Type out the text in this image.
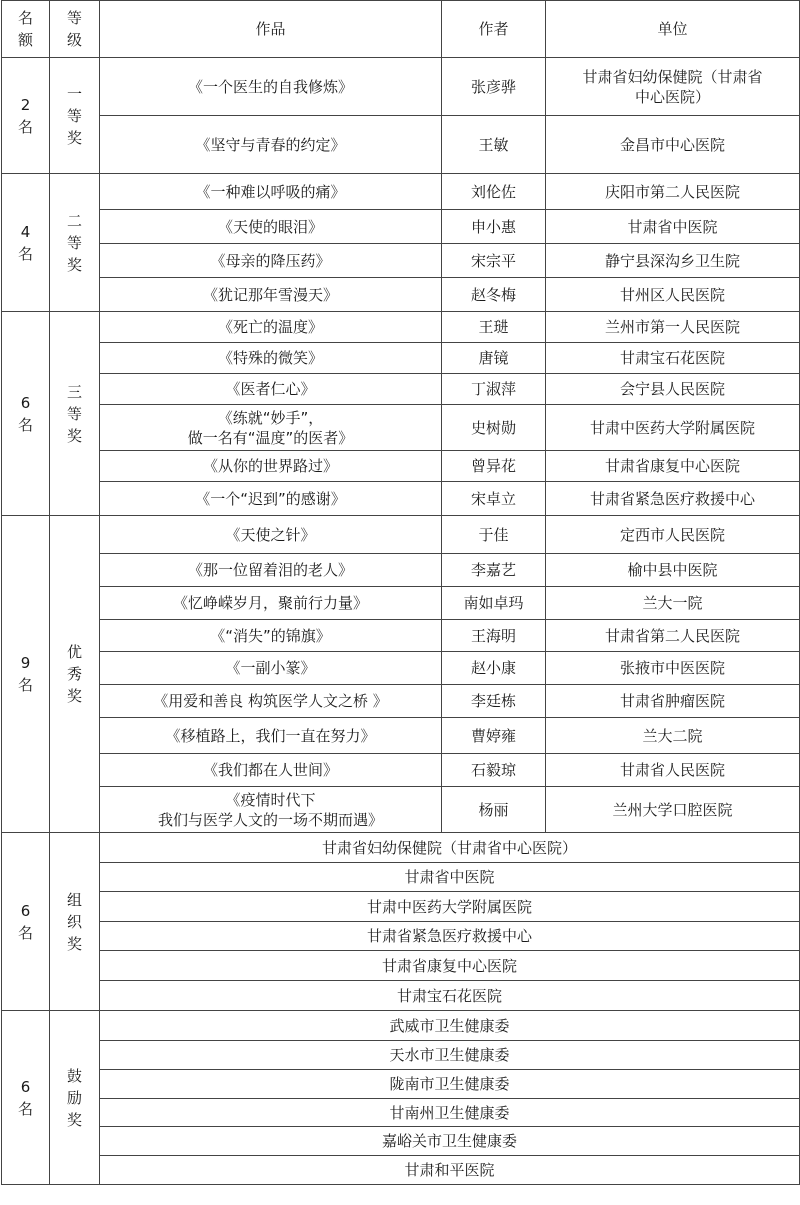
名
额	等
级	作品	作者	单位

2
名	一
等
奖	《一个医生的自我修炼》	张彦骅	甘肃省妇幼保健院（甘肃省
中心医院）

		《坚守与青春的约定》	王敏	金昌市中心医院

4
名	二
等
奖	《一种难以呼吸的痛》	刘伦佐	庆阳市第二人民医院

		《天使的眼泪》	申小惠	甘肃省中医院

		《母亲的降压药》	宋宗平	静宁县深沟乡卫生院

		《犹记那年雪漫天》	赵冬梅	甘州区人民医院

6
名	三
等
奖	《死亡的温度》	王琎	兰州市第一人民医院

		《特殊的微笑》	唐镜	甘肃宝石花医院

		《医者仁心》	丁淑萍	会宁县人民医院

		《练就“妙手”，
做一名有“温度”的医者》	史树勋	甘肃中医药大学附属医院

		《从你的世界路过》	曾异花	甘肃省康复中心医院

		《一个“迟到”的感谢》	宋卓立	甘肃省紧急医疗救援中心

9
名	优
秀
奖	《天使之针》	于佳	定西市人民医院

		《那一位留着泪的老人》	李嘉艺	榆中县中医院

		《忆峥嵘岁月，聚前行力量》	南如卓玛	兰大一院

		《“消失”的锦旗》	王海明	甘肃省第二人民医院

		《一副小篆》	赵小康	张掖市中医医院

		《用爱和善良 构筑医学人文之桥 》	李廷栋	甘肃省肿瘤医院

		《移植路上，我们一直在努力》	曹婷雍	兰大二院

		《我们都在人世间》	石毅琼	甘肃省人民医院

		《疫情时代下
我们与医学人文的一场不期而遇》	杨丽	兰州大学口腔医院

6
名	组
织
奖	甘肃省妇幼保健院（甘肃省中心医院）		
		甘肃省中医院		
		甘肃中医药大学附属医院		
		甘肃省紧急医疗救援中心		
		甘肃省康复中心医院		
		甘肃宝石花医院		

6
名	鼓
励
奖	武威市卫生健康委		
		天水市卫生健康委		
		陇南市卫生健康委		
		甘南州卫生健康委		
		嘉峪关市卫生健康委		
		甘肃和平医院		
